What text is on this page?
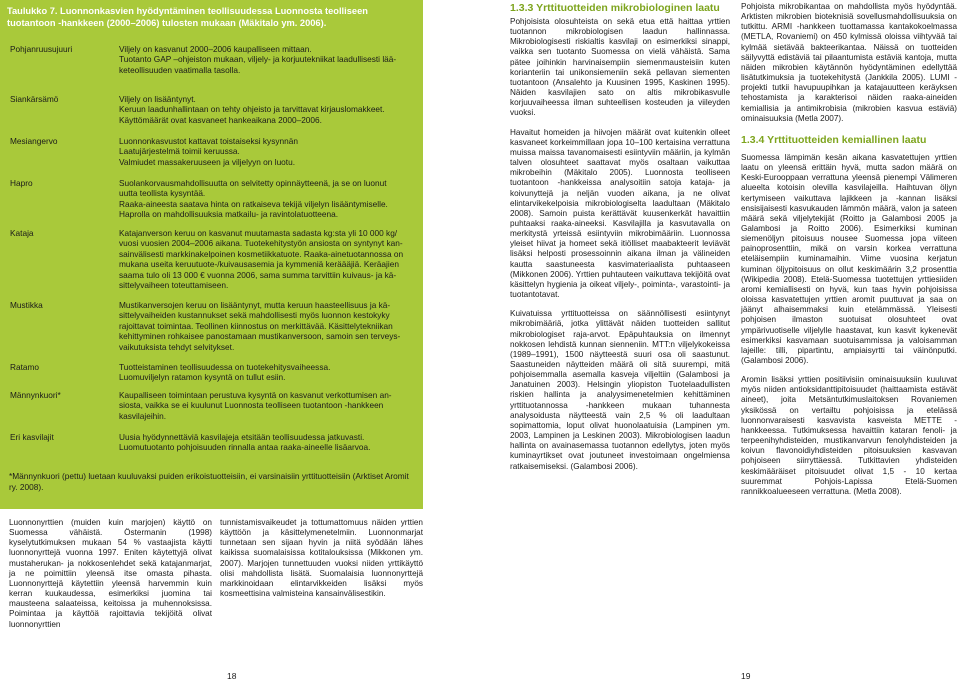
Taulukko 7. Luonnonkasvien hyödyntäminen teollisuudessa Luonnosta teolliseen tuotantoon -hankkeen (2000–2006) tulosten mukaan (Mäkitalo ym. 2006).
Pohjanruusujuuri	Viljely on kasvanut 2000–2006 kaupalliseen mittaan.
Tuotanto GAP –ohjeiston mukaan, viljely- ja korjuutekniikat laadullisesti lää-
keteollisuuden vaatimalla tasolla.
Siankärsämö	Viljely on lisääntynyt.
Keruun laadunhallintaan on tehty ohjeisto ja tarvittavat kirjauslomakkeet.
Käyttömäärät ovat kasvaneet hankeaikana 2000–2006.
Mesiangervo	Luonnonkasvustot kattavat toistaiseksi kysynnän
Laatujärjestelmä toimii keruussa.
Valmiudet massakeruuseen ja viljelyyn on luotu.
Hapro	Suolankorvausmahdollisuutta on selvitetty opinnäytteenä, ja se on luonut
uutta teollista kysyntää.
Raaka-aineesta saatava hinta on ratkaiseva tekijä viljelyn lisääntymiselle.
Haprolla on mahdollisuuksia matkailu- ja ravintolatuotteena.
Kataja	Katajanverson keruu on kasvanut muutamasta sadasta kg:sta yli 10 000 kg/
vuosi vuosien 2004–2006 aikana. Tuotekehitystyön ansiosta on syntynyt kan-
sainvälisesti markkinakelpoinen kosmetiikkatuote. Raaka-ainetuotannossa on
mukana useita keruutuote-/kuivausasemia ja kymmeniä keräääjiä. Keräajien
saama tulo oli 13 000 € vuonna 2006, sama summa tarvittiin kuivaus- ja kä-
sittelyvaiheen toteuttamiseen.
Mustikka	Mustikanversojen keruu on lisääntynyt, mutta keruun haasteellisuus ja kä-
sittelyvaiheiden kustannukset sekä mahdollisesti myös luonnon kestokyky
rajoittavat toimintaa. Teollinen kiinnostus on merkittävää. Käsittelytekniikan
kehittyminen rohkaisee panostamaan mustikanversoon, samoin sen terveys-
vaikutuksista tehdyt selvitykset.
Ratamo	Tuotteistaminen teollisuudessa on tuotekehitysvaiheessa.
Luomuviljelyn ratamon kysyntä on tullut esiin.
Männynkuori*	Kaupalliseen toimintaan perustuva kysyntä on kasvanut verkottumisen an-
siosta, vaikka se ei kuulunut Luonnosta teolliseen tuotantoon -hankkeen
kasvilajeihin.
Eri kasvilajit	Uusia hyödynnettäviä kasvilajeja etsitään teollisuudessa jatkuvasti.
Luomutuotanto pohjoisuuden rinnalla antaa raaka-aineelle lisäarvoa.
*Männynkuori (pettu) luetaan kuuluvaksi puiden erikoistuotteisiin, ei varsinaisiin yrttituotteisiin (Arktiset Aromit ry. 2008).

Luonnonyrttien (muiden kuin marjojen) käyttö on Suomessa vähäistä. Östermanin (1998) kyselytutkimuksen mukaan 54 % vastaajista käytti luonnonyrttejä vuonna 1997. Eniten käytettyjä olivat mustaherukan- ja nokkosenlehdet sekä katajanmarjat, ja ne poimittiin yleensä itse omasta pihasta. Luonnonyrttejä käytettiin yleensä harvemmin kuin kerran kuukaudessa, esimerkiksi juomina tai mausteena salaateissa, keitoissa ja muhennoksissa. Poimintaa ja käyttöä rajoittavia tekijöitä olivat luonnonyrttien

tunnistamisvaikeudet ja tottumattomuus näiden yrttien käyttöön ja käsittelymenetelmiin. Luonnonmarjat tunnetaan sen sijaan hyvin ja niitä syödään lähes kaikissa suomalaisissa kotitalouksissa (Mikkonen ym. 2007). Marjojen tunnettuuden vuoksi niiden yrttikäyttö olisi mahdollista lisätä. Suomalaisia luonnonyrttejä markkinoidaan elintarvikkeiden lisäksi myös kosmeettisina valmisteina kansainvälisestikin.

1.3.3 Yrttituotteiden mikrobiologinen laatu

Pohjoisista olosuhteista on sekä etua että haittaa yrttien tuotannon mikrobiologisen laadun hallinnassa. Mikrobiologisesti riskialtis kasvilaji on esimerkiksi sinappi, vaikka sen tuotanto Suomessa on vielä vähäistä. Sama pätee joihinkin harvinaisempiin siemenmausteisiin kuten korianteriin tai unikonsiemeniin sekä pellavan siementen tuotantoon (Ansalehto ja Kuusinen 1995, Kaskinen 1995). Näiden kasvilajien sato on altis mikrobikasvulle korjuuvaiheessa ilman suhteellisen kosteuden ja viileyden vuoksi.

Havaitut homeiden ja hiivojen määrät ovat kuitenkin olleet kasvaneet korkeimmillaan jopa 10–100 kertaisina verrattuna muissa maissa tavanomaisesti esiintyviin määriin, ja kylmän talven olosuhteet saattavat myös osaltaan vaikuttaa mikrobeihin (Mäkitalo 2005). Luonnosta teolliseen tuotantoon -hankkeissa analysoitiin satoja kataja- ja koivunyttejä ja neljän vuoden aikana, ja ne olivat elintarvikekelpoisia mikrobiologiselta laadultaan (Mäkitalo 2008). Samoin puista kerättävät kuusenkerkät havaittiin puhtaaksi raaka-aineeksi. Kasvilajilla ja kasvutavalla on merkitystä yrteissä esiintyviin mikrobimääriin. Luonnossa yleiset hiivat ja homeet sekä itiölliset maabakteerit leviävät lisäksi helposti prosessoinnin aikana ilman ja välineiden kautta saastuneesta kasvimateriaalista puhtaaseen (Mikkonen 2006). Yrttien puhtauteen vaikuttava tekijöitä ovat käsittelyn hygienia ja oikeat viljely-, poiminta-, varastointi- ja tuotantotavat.

Kuivatuissa yrttituotteissa on säännöllisesti esiintynyt mikrobimääriä, jotka ylittävät näiden tuotteiden sallitut mikrobiologiset raja-arvot. Epäpuhtauksia on ilmennyt nokkosen lehdistä kunnan sienneniin. MTT:n viljelykokeissa (1989–1991), 1500 näytteestä suuri osa oli saastunut. Saastuneiden näytteiden määrä oli sitä suurempi, mitä pohjoisemmalla asemalla kasveja viljeltiin (Galambosi ja Janatuinen 2003). Helsingin yliopiston Tuotelaadullisten riskien hallinta ja analyysimenetelmien kehittäminen yrttituotannossa -hankkeen mukaan tuhannesta analysoidusta näytteestä vain 2,5 % oli laadultaan sopimattomia, loput olivat huonolaatuisia (Lampinen ym. 2003, Lampinen ja Leskinen 2003). Mikrobiologisen laadun hallinta on avainasemassa tuotannon edellytys, joten myös kuminayrtikset ovat joutuneet investoimaan ongelmiensa ratkaisemiseksi. (Galambosi 2006).

Pohjoista mikrobikantaa on mahdollista myös hyödyntää. Arktisten mikrobien bioteknisiä sovellusmahdollisuuksia on tutkittu. ARMI -hankkeen tuottamassa kantakokoelmassa (METLA, Rovaniemi) on 450 kylmissä oloissa viihtyvää tai kylmää sietävää bakteerikantaa. Näissä on tuotteiden säilyvyttä edistäviä tai pilaantumista estäviä kantoja, mutta näiden mikrobien käytännön hyödyntäminen edellyttää lisätutkimuksia ja tuotekehitystä (Jankkila 2005). LUMI -projekti tutkii havupuupihkan ja katajauutteen keräyksen tehostamista ja karakterisoi näiden raaka-aineiden kemiallisia ja antimikrobisia (mikrobien kasvua estäviä) ominaisuuksia (Metla 2007).

1.3.4 Yrttituotteiden kemiallinen laatu

Suomessa lämpimän kesän aikana kasvatettujen yrttien laatu on yleensä erittäin hyvä, mutta sadon määrä on Keski-Eurooppaan verrattuna yleensä pienempi Välimeren alueelta kotoisin olevilla kasvilajeilla. Haihtuvan öljyn kertymiseen vaikuttava lajikkeen ja -kannan lisäksi ensisijaisesti kasvukauden lämmön määrä, valon ja sateen määrä sekä viljelytekijät (Roitto ja Galambosi 2005 ja Galambosi ja Roitto 2006). Esimerkiksi kuminan siemenöljyn pitoisuus nousee Suomessa jopa viiteen painoprosenttiin, mikä on varsin korkea verrattuna eteläisempiin kuminamaihin. Viime vuosina kerjatun kuminan öljypitoisuus on ollut keskimäärin 3,2 prosenttia (Wikipedia 2008). Etelä-Suomessa tuotettujen yrttiesiiden aromi kemiallisesti on hyvä, kun taas hyvin pohjoisissa oloissa kasvatettujen yrttien aromit puuttuvat ja saa on jäänyt alhaisemmaksi kuin etelämmässä. Yleisesti pohjoisen ilmaston suotuisat olosuhteet ovat ympärivuotiselle viljelylle haastavat, kun kasvit kykenevät esimerkiksi kasvamaan suotuisammissa ja valoisamman lajeille: tilli, pipartintu, ampiaisyrtti tai väinönputki. (Galambosi 2006).

Aromin lisäksi yrttien positiivisiin ominaisuuksiin kuuluvat myös niiden antioksidanttipitoisuudet (haittaamista estävät aineet), joita Metsäntutkimuslaitoksen Rovaniemen yksikössä on vertailtu pohjoisissa ja etelässä luonnonvaraisesti kasvavista kasveista METTE -hankkeessa. Tutkimuksessa havaittiin kataran fenoli- ja terpeenihyhdisteiden, mustikanvarvun fenolyhdisteiden ja koivun flavonoidiyhdisteiden pitoisuuksien kasvavan pohjoiseen siirryttäessä. Tutkittavien yhdisteiden keskimääräiset pitoisuudet olivat 1,5 - 10 kertaa suuremmat Pohjois-Lapissa Etelä-Suomen rannikkoalueeseen verrattuna. (Metla 2008).

18	19
